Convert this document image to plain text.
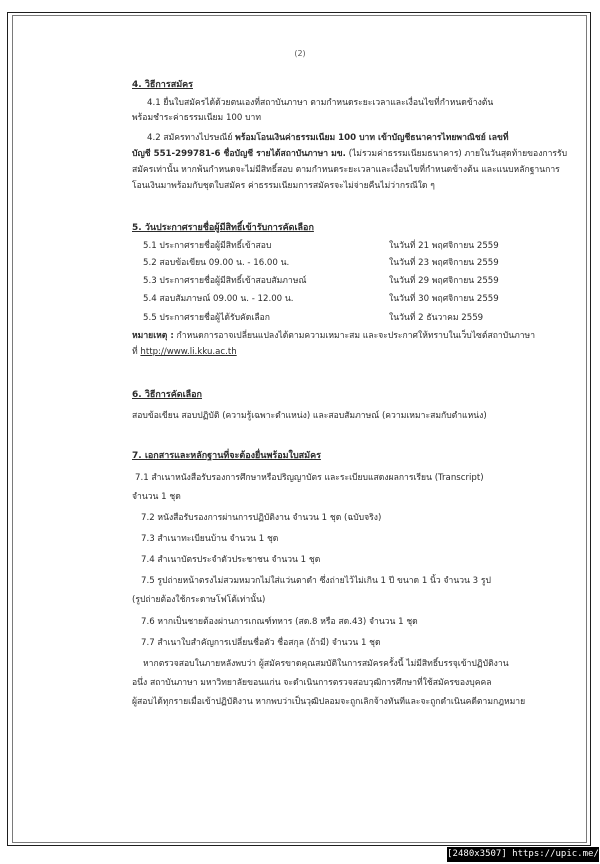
(2)
4. วิธีการสมัคร
4.1 ยื่นใบสมัครได้ด้วยตนเองที่สถาบันภาษา ตามกำหนดระยะเวลาและเงื่อนไขที่กำหนดข้างต้น
พร้อมชำระค่าธรรมเนียม 100 บาท
4.2 สมัครทางไปรษณีย์ พร้อมโอนเงินค่าธรรมเนียม 100 บาท เข้าบัญชีธนาคารไทยพาณิชย์ เลขที่
บัญชี 551-299781-6 ชื่อบัญชี รายได้สถาบันภาษา มข. (ไม่รวมค่าธรรมเนียมธนาคาร) ภายในวันสุดท้ายของการรับ
สมัครเท่านั้น หากพ้นกำหนดจะไม่มีสิทธิ์สอบ ตามกำหนดระยะเวลาและเงื่อนไขที่กำหนดข้างต้น และแนบหลักฐานการ
โอนเงินมาพร้อมกับชุดใบสมัคร ค่าธรรมเนียมการสมัครจะไม่จ่ายคืนไม่ว่ากรณีใด ๆ
5. วันประกาศรายชื่อผู้มีสิทธิ์เข้ารับการคัดเลือก
5.1 ประกาศรายชื่อผู้มีสิทธิ์เข้าสอบ	ในวันที่ 21 พฤศจิกายน 2559
5.2 สอบข้อเขียน 09.00 น. - 16.00 น.	ในวันที่ 23 พฤศจิกายน 2559
5.3 ประกาศรายชื่อผู้มีสิทธิ์เข้าสอบสัมภาษณ์	ในวันที่ 29 พฤศจิกายน 2559
5.4 สอบสัมภาษณ์ 09.00 น. - 12.00 น.	ในวันที่ 30 พฤศจิกายน 2559
5.5 ประกาศรายชื่อผู้ได้รับคัดเลือก	ในวันที่ 2 ธันวาคม 2559
หมายเหตุ : กำหนดการอาจเปลี่ยนแปลงได้ตามความเหมาะสม และจะประกาศให้ทราบในเว็บไซต์สถาบันภาษา
ที่ http://www.li.kku.ac.th
6. วิธีการคัดเลือก
สอบข้อเขียน สอบปฏิบัติ (ความรู้เฉพาะตำแหน่ง) และสอบสัมภาษณ์ (ความเหมาะสมกับตำแหน่ง)
7. เอกสารและหลักฐานที่จะต้องยื่นพร้อมใบสมัคร
7.1 สำเนาหนังสือรับรองการศึกษาหรือปริญญาบัตร และระเบียบแสดงผลการเรียน (Transcript)
จำนวน 1 ชุด
7.2 หนังสือรับรองการผ่านการปฏิบัติงาน จำนวน 1 ชุด (ฉบับจริง)
7.3 สำเนาทะเบียนบ้าน จำนวน 1 ชุด
7.4 สำเนาบัตรประจำตัวประชาชน จำนวน 1 ชุด
7.5 รูปถ่ายหน้าตรงไม่สวมหมวกไม่ใส่แว่นตาดำ ซึ่งถ่ายไว้ไม่เกิน 1 ปี ขนาด 1 นิ้ว จำนวน 3 รูป
(รูปถ่ายต้องใช้กระดาษโฟโต้เท่านั้น)
7.6 หากเป็นชายต้องผ่านการเกณฑ์ทหาร (สด.8 หรือ สด.43) จำนวน 1 ชุด
7.7 สำเนาใบสำคัญการเปลี่ยนชื่อตัว ชื่อสกุล (ถ้ามี) จำนวน 1 ชุด
หากตรวจสอบในภายหลังพบว่า ผู้สมัครขาดคุณสมบัติในการสมัครครั้งนี้ ไม่มีสิทธิ์บรรจุเข้าปฏิบัติงาน
อนึ่ง สถาบันภาษา มหาวิทยาลัยขอนแก่น จะดำเนินการตรวจสอบวุฒิการศึกษาที่ใช้สมัครของบุคคล
ผู้สอบได้ทุกรายเมื่อเข้าปฏิบัติงาน หากพบว่าเป็นวุฒิปลอมจะถูกเลิกจ้างทันทีและจะถูกดำเนินคดีตามกฎหมาย
[2480x3507] https://upic.me/
